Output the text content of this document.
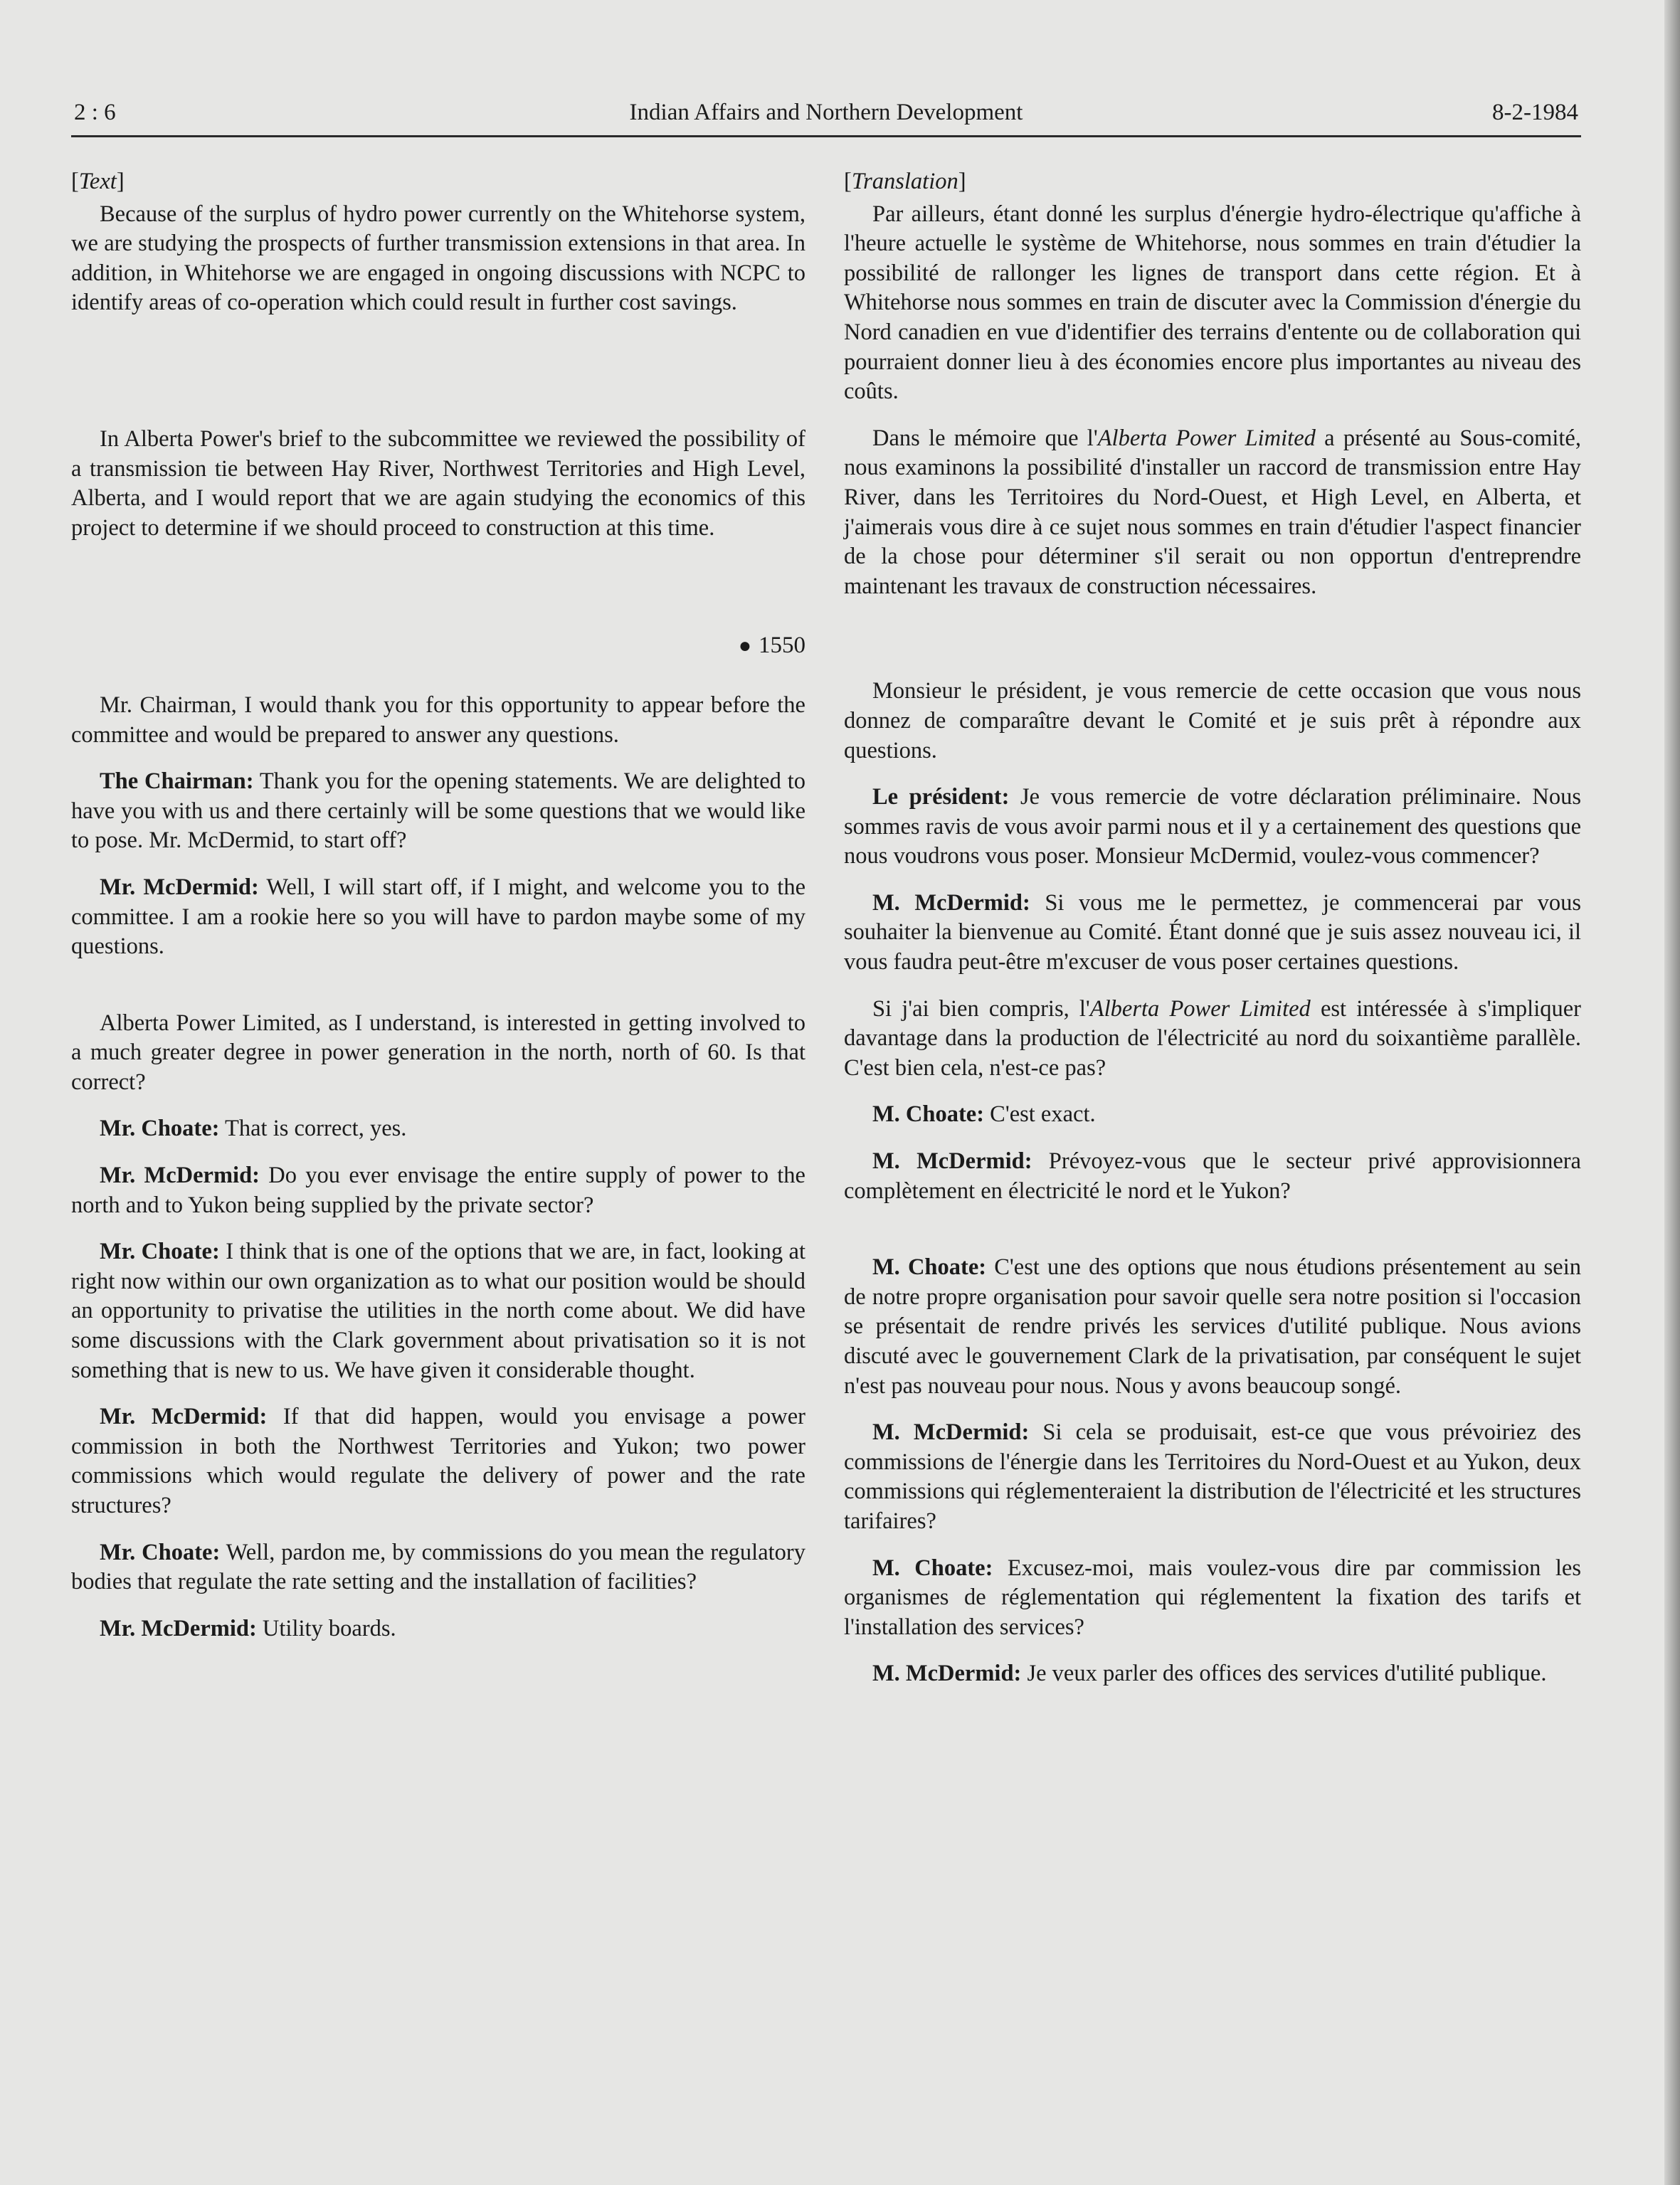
2 : 6	Indian Affairs and Northern Development	8-2-1984

[Text]

Because of the surplus of hydro power currently on the Whitehorse system, we are studying the prospects of further transmission extensions in that area. In addition, in Whitehorse we are engaged in ongoing discussions with NCPC to identify areas of co-operation which could result in further cost savings.

In Alberta Power's brief to the subcommittee we reviewed the possibility of a transmission tie between Hay River, Northwest Territories and High Level, Alberta, and I would report that we are again studying the economics of this project to determine if we should proceed to construction at this time.

● 1550

Mr. Chairman, I would thank you for this opportunity to appear before the committee and would be prepared to answer any questions.

The Chairman: Thank you for the opening statements. We are delighted to have you with us and there certainly will be some questions that we would like to pose. Mr. McDermid, to start off?

Mr. McDermid: Well, I will start off, if I might, and welcome you to the committee. I am a rookie here so you will have to pardon maybe some of my questions.

Alberta Power Limited, as I understand, is interested in getting involved to a much greater degree in power generation in the north, north of 60. Is that correct?

Mr. Choate: That is correct, yes.

Mr. McDermid: Do you ever envisage the entire supply of power to the north and to Yukon being supplied by the private sector?

Mr. Choate: I think that is one of the options that we are, in fact, looking at right now within our own organization as to what our position would be should an opportunity to privatise the utilities in the north come about. We did have some discussions with the Clark government about privatisation so it is not something that is new to us. We have given it considerable thought.

Mr. McDermid: If that did happen, would you envisage a power commission in both the Northwest Territories and Yukon; two power commissions which would regulate the delivery of power and the rate structures?

Mr. Choate: Well, pardon me, by commissions do you mean the regulatory bodies that regulate the rate setting and the installation of facilities?

Mr. McDermid: Utility boards.

[Translation]

Par ailleurs, étant donné les surplus d'énergie hydro-électrique qu'affiche à l'heure actuelle le système de Whitehorse, nous sommes en train d'étudier la possibilité de rallonger les lignes de transport dans cette région. Et à Whitehorse nous sommes en train de discuter avec la Commission d'énergie du Nord canadien en vue d'identifier des terrains d'entente ou de collaboration qui pourraient donner lieu à des économies encore plus importantes au niveau des coûts.

Dans le mémoire que l'Alberta Power Limited a présenté au Sous-comité, nous examinons la possibilité d'installer un raccord de transmission entre Hay River, dans les Territoires du Nord-Ouest, et High Level, en Alberta, et j'aimerais vous dire à ce sujet nous sommes en train d'étudier l'aspect financier de la chose pour déterminer s'il serait ou non opportun d'entreprendre maintenant les travaux de construction nécessaires.

Monsieur le président, je vous remercie de cette occasion que vous nous donnez de comparaître devant le Comité et je suis prêt à répondre aux questions.

Le président: Je vous remercie de votre déclaration préliminaire. Nous sommes ravis de vous avoir parmi nous et il y a certainement des questions que nous voudrons vous poser. Monsieur McDermid, voulez-vous commencer?

M. McDermid: Si vous me le permettez, je commencerai par vous souhaiter la bienvenue au Comité. Étant donné que je suis assez nouveau ici, il vous faudra peut-être m'excuser de vous poser certaines questions.

Si j'ai bien compris, l'Alberta Power Limited est intéressée à s'impliquer davantage dans la production de l'électricité au nord du soixantième parallèle. C'est bien cela, n'est-ce pas?

M. Choate: C'est exact.

M. McDermid: Prévoyez-vous que le secteur privé approvisionnera complètement en électricité le nord et le Yukon?

M. Choate: C'est une des options que nous étudions présentement au sein de notre propre organisation pour savoir quelle sera notre position si l'occasion se présentait de rendre privés les services d'utilité publique. Nous avions discuté avec le gouvernement Clark de la privatisation, par conséquent le sujet n'est pas nouveau pour nous. Nous y avons beaucoup songé.

M. McDermid: Si cela se produisait, est-ce que vous prévoiriez des commissions de l'énergie dans les Territoires du Nord-Ouest et au Yukon, deux commissions qui réglementeraient la distribution de l'électricité et les structures tarifaires?

M. Choate: Excusez-moi, mais voulez-vous dire par commission les organismes de réglementation qui réglementent la fixation des tarifs et l'installation des services?

M. McDermid: Je veux parler des offices des services d'utilité publique.
